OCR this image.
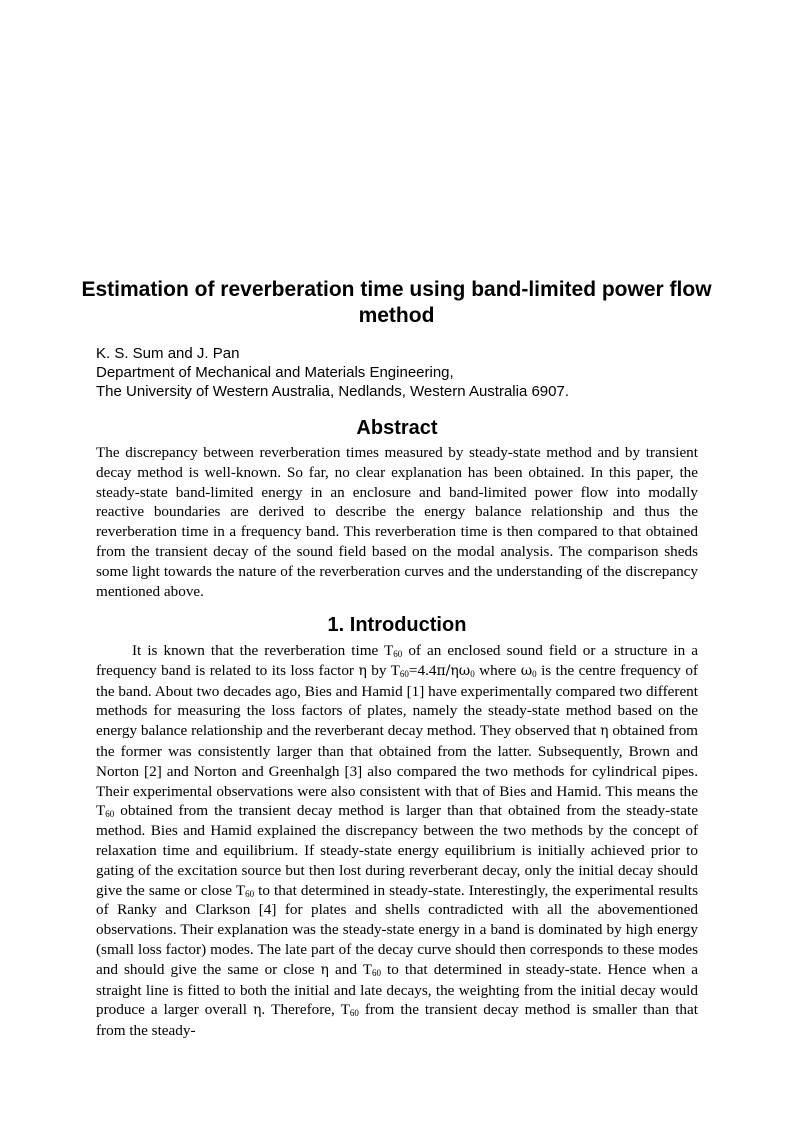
Estimation of reverberation time using band-limited power flow method
K. S. Sum and J. Pan
Department of Mechanical and Materials Engineering,
The University of Western Australia, Nedlands, Western Australia 6907.
Abstract

The discrepancy between reverberation times measured by steady-state method and by transient decay method is well-known. So far, no clear explanation has been obtained. In this paper, the steady-state band-limited energy in an enclosure and band-limited power flow into modally reactive boundaries are derived to describe the energy balance relationship and thus the reverberation time in a frequency band. This reverberation time is then compared to that obtained from the transient decay of the sound field based on the modal analysis. The comparison sheds some light towards the nature of the reverberation curves and the understanding of the discrepancy mentioned above.

1. Introduction

It is known that the reverberation time $T_{60}$ of an enclosed sound field or a structure in a frequency band is related to its loss factor η by $T_{60}=4.4\pi/\eta\omega_0$ where $\omega_0$ is the centre frequency of the band. About two decades ago, Bies and Hamid [1] have experimentally compared two different methods for measuring the loss factors of plates, namely the steady-state method based on the energy balance relationship and the reverberant decay method. They observed that η obtained from the former was consistently larger than that obtained from the latter. Subsequently, Brown and Norton [2] and Norton and Greenhalgh [3] also compared the two methods for cylindrical pipes. Their experimental observations were also consistent with that of Bies and Hamid. This means the $T_{60}$ obtained from the transient decay method is larger than that obtained from the steady-state method. Bies and Hamid explained the discrepancy between the two methods by the concept of relaxation time and equilibrium. If steady-state energy equilibrium is initially achieved prior to gating of the excitation source but then lost during reverberant decay, only the initial decay should give the same or close $T_{60}$ to that determined in steady-state. Interestingly, the experimental results of Ranky and Clarkson [4] for plates and shells contradicted with all the abovementioned observations. Their explanation was the steady-state energy in a band is dominated by high energy (small loss factor) modes. The late part of the decay curve should then corresponds to these modes and should give the same or close η and $T_{60}$ to that determined in steady-state. Hence when a straight line is fitted to both the initial and late decays, the weighting from the initial decay would produce a larger overall η. Therefore, $T_{60}$ from the transient decay method is smaller than that from the steady-
